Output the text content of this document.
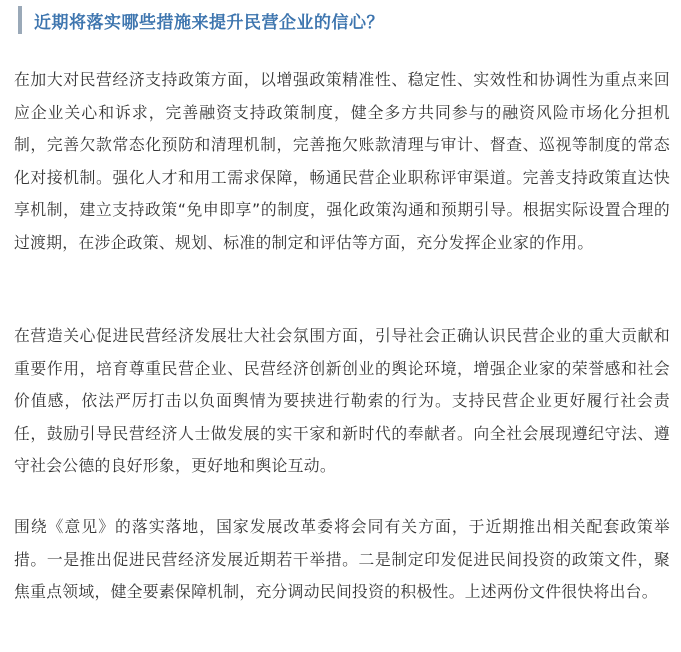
近期将落实哪些措施来提升民营企业的信心？

在加大对民营经济支持政策方面，以增强政策精准性、稳定性、实效性和协调性为重点来回应企业关心和诉求，完善融资支持政策制度，健全多方共同参与的融资风险市场化分担机制，完善欠款常态化预防和清理机制，完善拖欠账款清理与审计、督查、巡视等制度的常态化对接机制。强化人才和用工需求保障，畅通民营企业职称评审渠道。完善支持政策直达快享机制，建立支持政策“免申即享”的制度，强化政策沟通和预期引导。根据实际设置合理的过渡期，在涉企政策、规划、标准的制定和评估等方面，充分发挥企业家的作用。

在营造关心促进民营经济发展壮大社会氛围方面，引导社会正确认识民营企业的重大贡献和重要作用，培育尊重民营企业、民营经济创新创业的舆论环境，增强企业家的荣誉感和社会价值感，依法严厉打击以负面舆情为要挟进行勒索的行为。支持民营企业更好履行社会责任，鼓励引导民营经济人士做发展的实干家和新时代的奉献者。向全社会展现遵纪守法、遵守社会公德的良好形象，更好地和舆论互动。

围绕《意见》的落实落地，国家发展改革委将会同有关方面，于近期推出相关配套政策举措。一是推出促进民营经济发展近期若干举措。二是制定印发促进民间投资的政策文件，聚焦重点领域，健全要素保障机制，充分调动民间投资的积极性。上述两份文件很快将出台。
